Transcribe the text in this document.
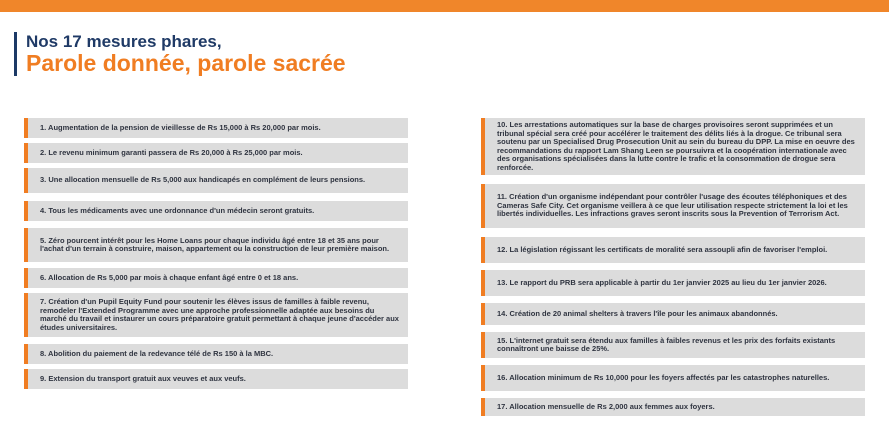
Nos 17 mesures phares,
Parole donnée, parole sacrée
1. Augmentation de la pension de vieillesse de Rs 15,000 à Rs 20,000 par mois.
2. Le revenu minimum garanti passera de Rs 20,000 à Rs 25,000 par mois.
3. Une allocation mensuelle de Rs 5,000 aux handicapés en complément de leurs pensions.
4. Tous les médicaments avec une ordonnance d'un médecin seront gratuits.
5. Zéro pourcent intérêt pour les Home Loans pour chaque individu âgé entre 18 et 35 ans pour l'achat d'un terrain à construire, maison, appartement ou la construction de leur première maison.
6. Allocation de Rs 5,000 par mois à chaque enfant âgé entre 0 et 18 ans.
7. Création d'un Pupil Equity Fund pour soutenir les élèves issus de familles à faible revenu, remodeler l'Extended Programme avec une approche professionnelle adaptée aux besoins du marché du travail et instaurer un cours préparatoire gratuit permettant à chaque jeune d'accéder aux études universitaires.
8. Abolition du paiement de la redevance télé de Rs 150 à la MBC.
9. Extension du transport gratuit aux veuves et aux veufs.
10. Les arrestations automatiques sur la base de charges provisoires seront supprimées et un tribunal spécial sera créé pour accélérer le traitement des délits liés à la drogue. Ce tribunal sera soutenu par un Specialised Drug Prosecution Unit au sein du bureau du DPP. La mise en oeuvre des recommandations du rapport Lam Shang Leen se poursuivra et la coopération internationale avec des organisations spécialisées dans la lutte contre le trafic et la consommation de drogue sera renforcée.
11. Création d'un organisme indépendant pour contrôler l'usage des écoutes téléphoniques et des Cameras Safe City. Cet organisme veillera à ce que leur utilisation respecte strictement la loi et les libertés individuelles. Les infractions graves seront inscrits sous la Prevention of Terrorism Act.
12. La législation régissant les certificats de moralité sera assoupli afin de favoriser l'emploi.
13. Le rapport du PRB sera applicable à partir du 1er janvier 2025 au lieu du 1er janvier 2026.
14. Création de 20 animal shelters à travers l'île pour les animaux abandonnés.
15. L'internet gratuit sera étendu aux familles à faibles revenus et les prix des forfaits existants connaîtront une baisse de 25%.
16. Allocation minimum de Rs 10,000 pour les foyers affectés par les catastrophes naturelles.
17. Allocation mensuelle de Rs 2,000 aux femmes aux foyers.
